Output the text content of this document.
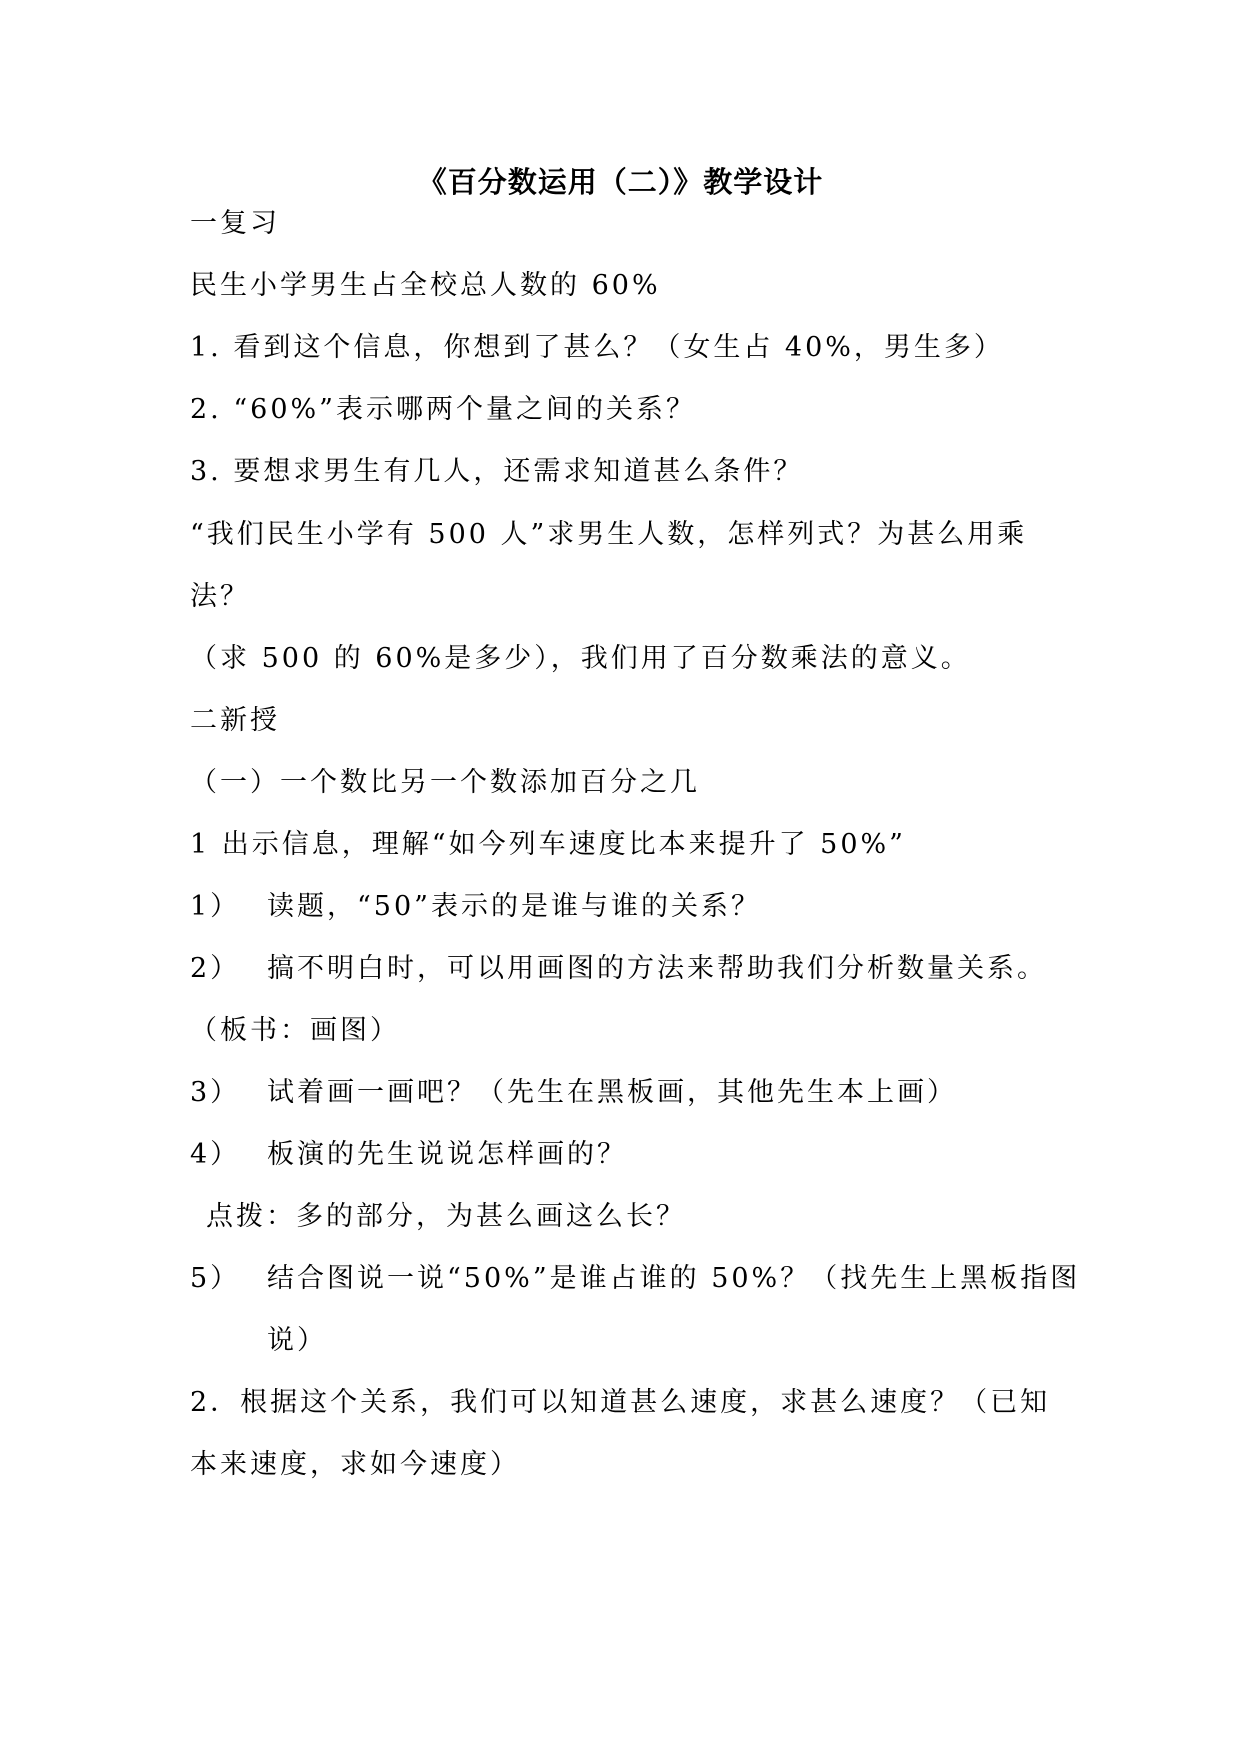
《百分数运用（二）》教学设计

一复习

民生小学男生占全校总人数的 60%

1. 看到这个信息，你想到了甚么？（女生占 40%，男生多）

2. “60%”表示哪两个量之间的关系？

3. 要想求男生有几人，还需求知道甚么条件？

“我们民生小学有 500 人”求男生人数，怎样列式？为甚么用乘

法？

（求 500 的 60%是多少），我们用了百分数乘法的意义。

二新授

（一）一个数比另一个数添加百分之几

1 出示信息，理解“如今列车速度比本来提升了 50%”

1） 读题，“50”表示的是谁与谁的关系？

2） 搞不明白时，可以用画图的方法来帮助我们分析数量关系。

（板书：画图）

3） 试着画一画吧？（先生在黑板画，其他先生本上画）

4） 板演的先生说说怎样画的？

点拨：多的部分，为甚么画这么长？

5） 结合图说一说“50%”是谁占谁的 50%？（找先生上黑板指图

说）

2．根据这个关系，我们可以知道甚么速度，求甚么速度？（已知

本来速度，求如今速度）
